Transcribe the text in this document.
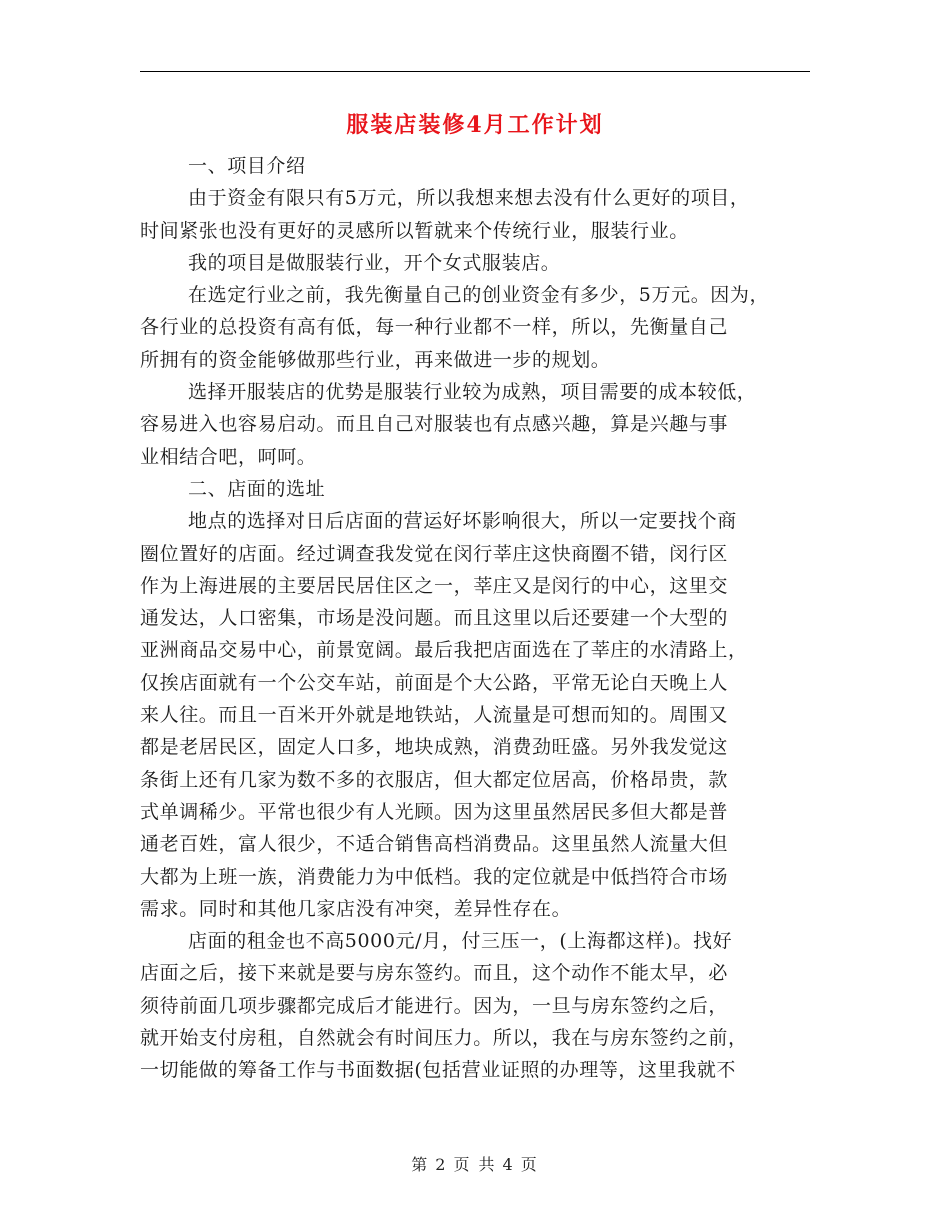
服装店装修4月工作计划
一、项目介绍
由于资金有限只有5万元，所以我想来想去没有什么更好的项目，
时间紧张也没有更好的灵感所以暂就来个传统行业，服装行业。
我的项目是做服装行业，开个女式服装店。
在选定行业之前，我先衡量自己的创业资金有多少，5万元。因为，
各行业的总投资有高有低，每一种行业都不一样，所以，先衡量自己
所拥有的资金能够做那些行业，再来做进一步的规划。
选择开服装店的优势是服装行业较为成熟，项目需要的成本较低，
容易进入也容易启动。而且自己对服装也有点感兴趣，算是兴趣与事
业相结合吧，呵呵。
二、店面的选址
地点的选择对日后店面的营运好坏影响很大，所以一定要找个商
圈位置好的店面。经过调查我发觉在闵行莘庄这快商圈不错，闵行区
作为上海进展的主要居民居住区之一，莘庄又是闵行的中心，这里交
通发达，人口密集，市场是没问题。而且这里以后还要建一个大型的
亚洲商品交易中心，前景宽阔。最后我把店面选在了莘庄的水清路上，
仅挨店面就有一个公交车站，前面是个大公路，平常无论白天晚上人
来人往。而且一百米开外就是地铁站，人流量是可想而知的。周围又
都是老居民区，固定人口多，地块成熟，消费劲旺盛。另外我发觉这
条街上还有几家为数不多的衣服店，但大都定位居高，价格昂贵，款
式单调稀少。平常也很少有人光顾。因为这里虽然居民多但大都是普
通老百姓，富人很少，不适合销售高档消费品。这里虽然人流量大但
大都为上班一族，消费能力为中低档。我的定位就是中低挡符合市场
需求。同时和其他几家店没有冲突，差异性存在。
店面的租金也不高5000元/月，付三压一，(上海都这样)。找好
店面之后，接下来就是要与房东签约。而且，这个动作不能太早，必
须待前面几项步骤都完成后才能进行。因为，一旦与房东签约之后，
就开始支付房租，自然就会有时间压力。所以，我在与房东签约之前，
一切能做的筹备工作与书面数据(包括营业证照的办理等，这里我就不
第 2 页 共 4 页
